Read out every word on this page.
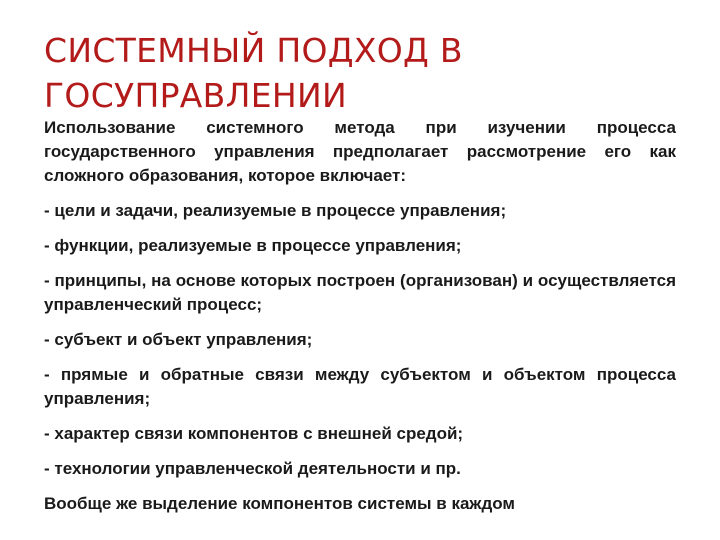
СИСТЕМНЫЙ ПОДХОД В
ГОСУПРАВЛЕНИИ

Использование системного метода при изучении процесса государственного управления предполагает рассмотрение его как сложного образования, которое включает:

- цели и задачи, реализуемые в процессе управления;

- функции, реализуемые в процессе управления;

- принципы, на основе которых построен (организован) и осуществляется управленческий процесс;

- субъект и объект управления;

- прямые и обратные связи между субъектом и объектом процесса управления;

- характер связи компонентов с внешней средой;

- технологии управленческой деятельности и пр.

Вообще же выделение компонентов системы в каждом
